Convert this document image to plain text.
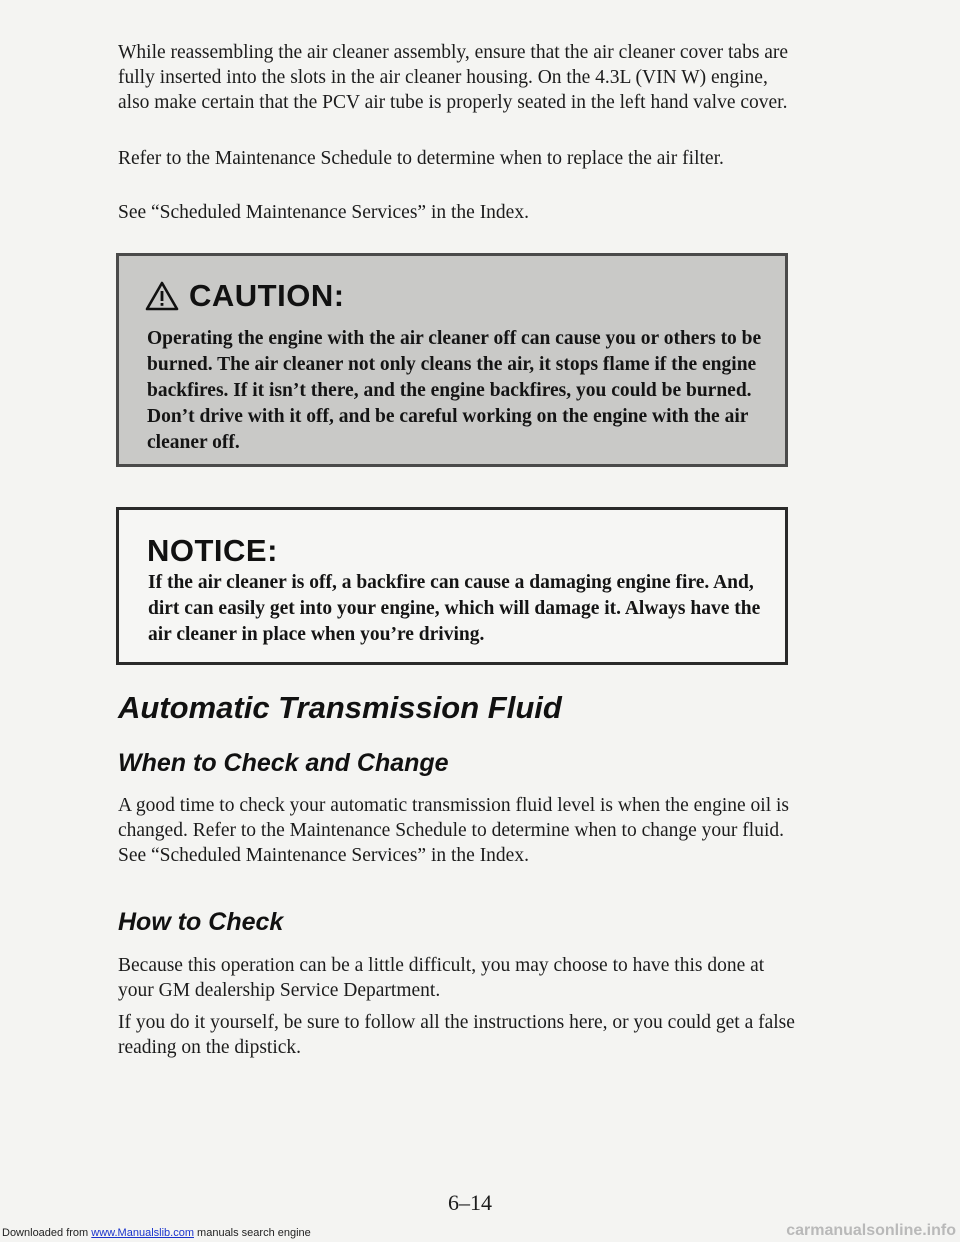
While reassembling the air cleaner assembly, ensure that the air cleaner cover tabs are fully inserted into the slots in the air cleaner housing. On the 4.3L (VIN W) engine, also make certain that the PCV air tube is properly seated in the left hand valve cover.

Refer to the Maintenance Schedule to determine when to replace the air filter.

See “Scheduled Maintenance Services” in the Index.

CAUTION:

Operating the engine with the air cleaner off can cause you or others to be burned. The air cleaner not only cleans the air, it stops flame if the engine backfires. If it isn’t there, and the engine backfires, you could be burned. Don’t drive with it off, and be careful working on the engine with the air cleaner off.

NOTICE:

If the air cleaner is off, a backfire can cause a damaging engine fire. And, dirt can easily get into your engine, which will damage it. Always have the air cleaner in place when you’re driving.

Automatic Transmission Fluid
When to Check and Change

A good time to check your automatic transmission fluid level is when the engine oil is changed. Refer to the Maintenance Schedule to determine when to change your fluid. See “Scheduled Maintenance Services” in the Index.

How to Check

Because this operation can be a little difficult, you may choose to have this done at your GM dealership Service Department.

If you do it yourself, be sure to follow all the instructions here, or you could get a false reading on the dipstick.

6–14
Downloaded from www.Manualslib.com manuals search engine	carmanualsonline.info
